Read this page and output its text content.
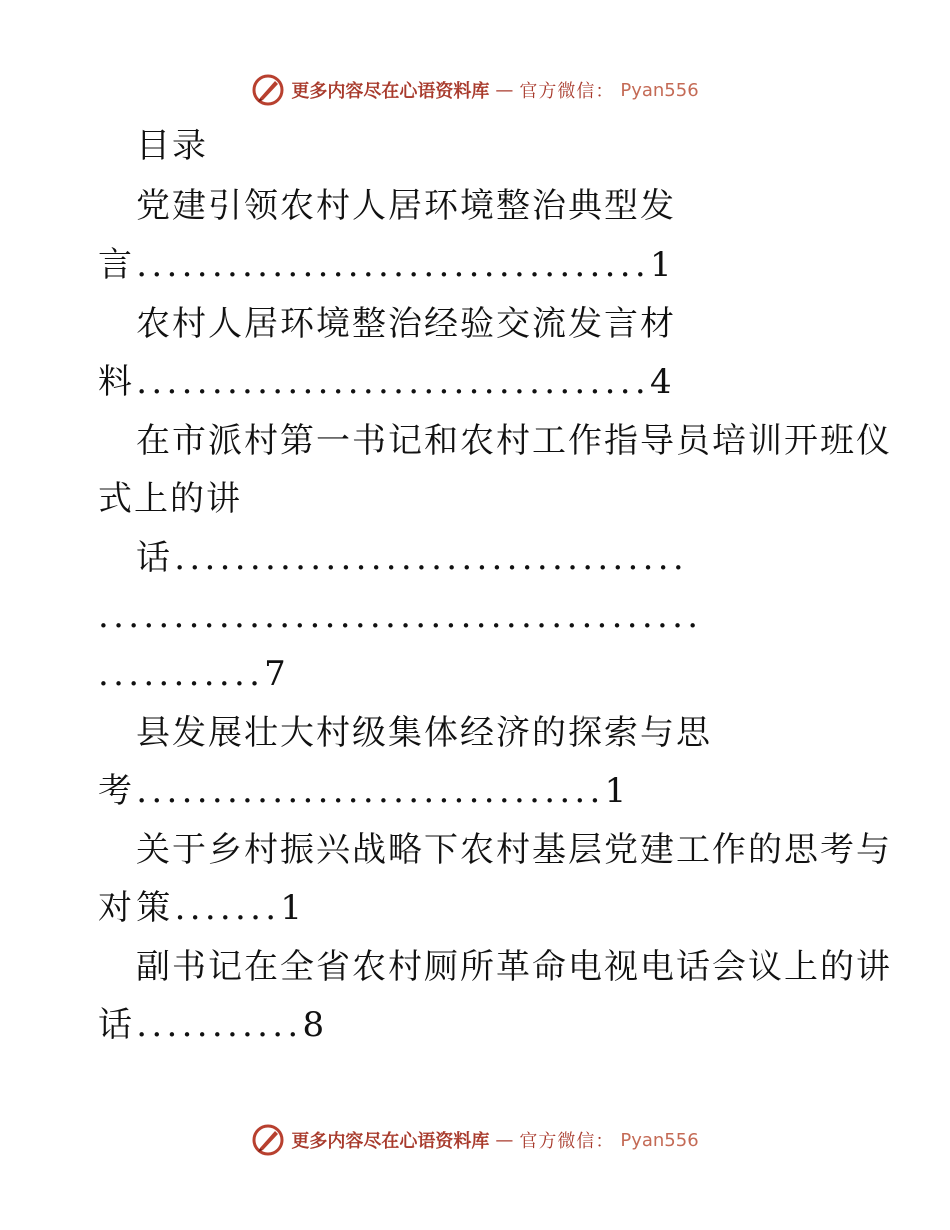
更多内容尽在心语资料库 — 官方微信： Pyan556
目录
党建引领农村人居环境整治典型发
言..................................1
农村人居环境整治经验交流发言材
料..................................4
在市派村第一书记和农村工作指导员培训开班仪
式上的讲
话..................................
........................................
...........7
县发展壮大村级集体经济的探索与思
考...............................1
关于乡村振兴战略下农村基层党建工作的思考与
对策.......1
副书记在全省农村厕所革命电视电话会议上的讲
话...........8
更多内容尽在心语资料库 — 官方微信： Pyan556
